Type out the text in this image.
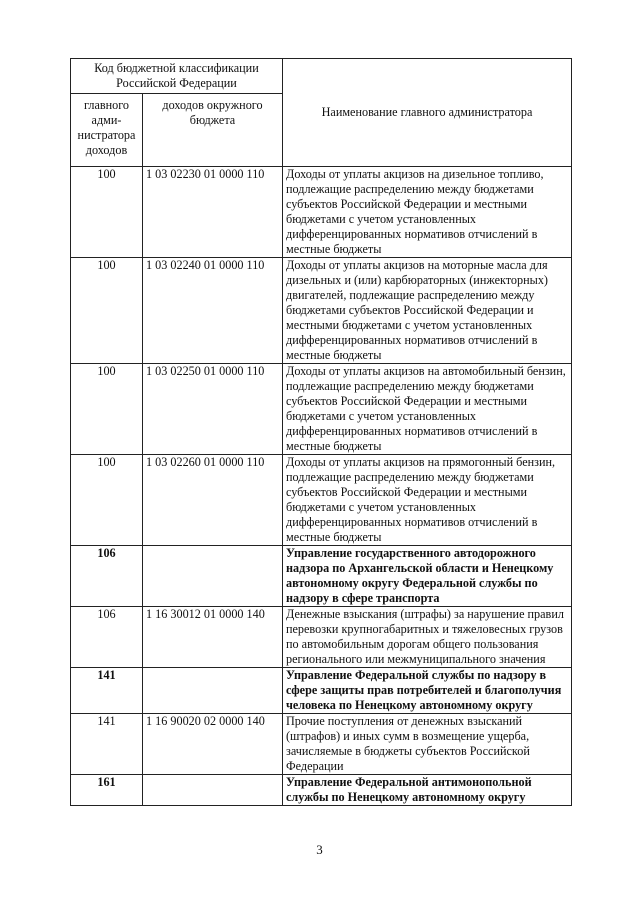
Код бюджетной классификации Российской Федерации		Наименование главного администратора
главного адми-нистратора доходов	доходов окружного бюджета	
100	1 03 02230 01 0000 110	Доходы от уплаты акцизов на дизельное топливо, подлежащие распределению между бюджетами субъектов Российской Федерации и местными бюджетами с учетом установленных дифференцированных нормативов отчислений в местные бюджеты
100	1 03 02240 01 0000 110	Доходы от уплаты акцизов на моторные масла для дизельных и (или) карбюраторных (инжекторных) двигателей, подлежащие распределению между бюджетами субъектов Российской Федерации и местными бюджетами с учетом установленных дифференцированных нормативов отчислений в местные бюджеты
100	1 03 02250 01 0000 110	Доходы от уплаты акцизов на автомобильный бензин, подлежащие распределению между бюджетами субъектов Российской Федерации и местными бюджетами с учетом установленных дифференцированных нормативов отчислений в местные бюджеты
100	1 03 02260 01 0000 110	Доходы от уплаты акцизов на прямогонный бензин, подлежащие распределению между бюджетами субъектов Российской Федерации и местными бюджетами с учетом установленных дифференцированных нормативов отчислений в местные бюджеты
106		Управление государственного автодорожного надзора по Архангельской области и Ненецкому автономному округу Федеральной службы по надзору в сфере транспорта
106	1 16 30012 01 0000 140	Денежные взыскания (штрафы) за нарушение правил перевозки крупногабаритных и тяжеловесных грузов по автомобильным дорогам общего пользования регионального или межмуниципального значения
141		Управление Федеральной службы по надзору в сфере защиты прав потребителей и благополучия человека по Ненецкому автономному округу
141	1 16 90020 02 0000 140	Прочие поступления от денежных взысканий (штрафов) и иных сумм в возмещение ущерба, зачисляемые в бюджеты субъектов Российской Федерации
161		Управление Федеральной антимонопольной службы по Ненецкому автономному округу
3
